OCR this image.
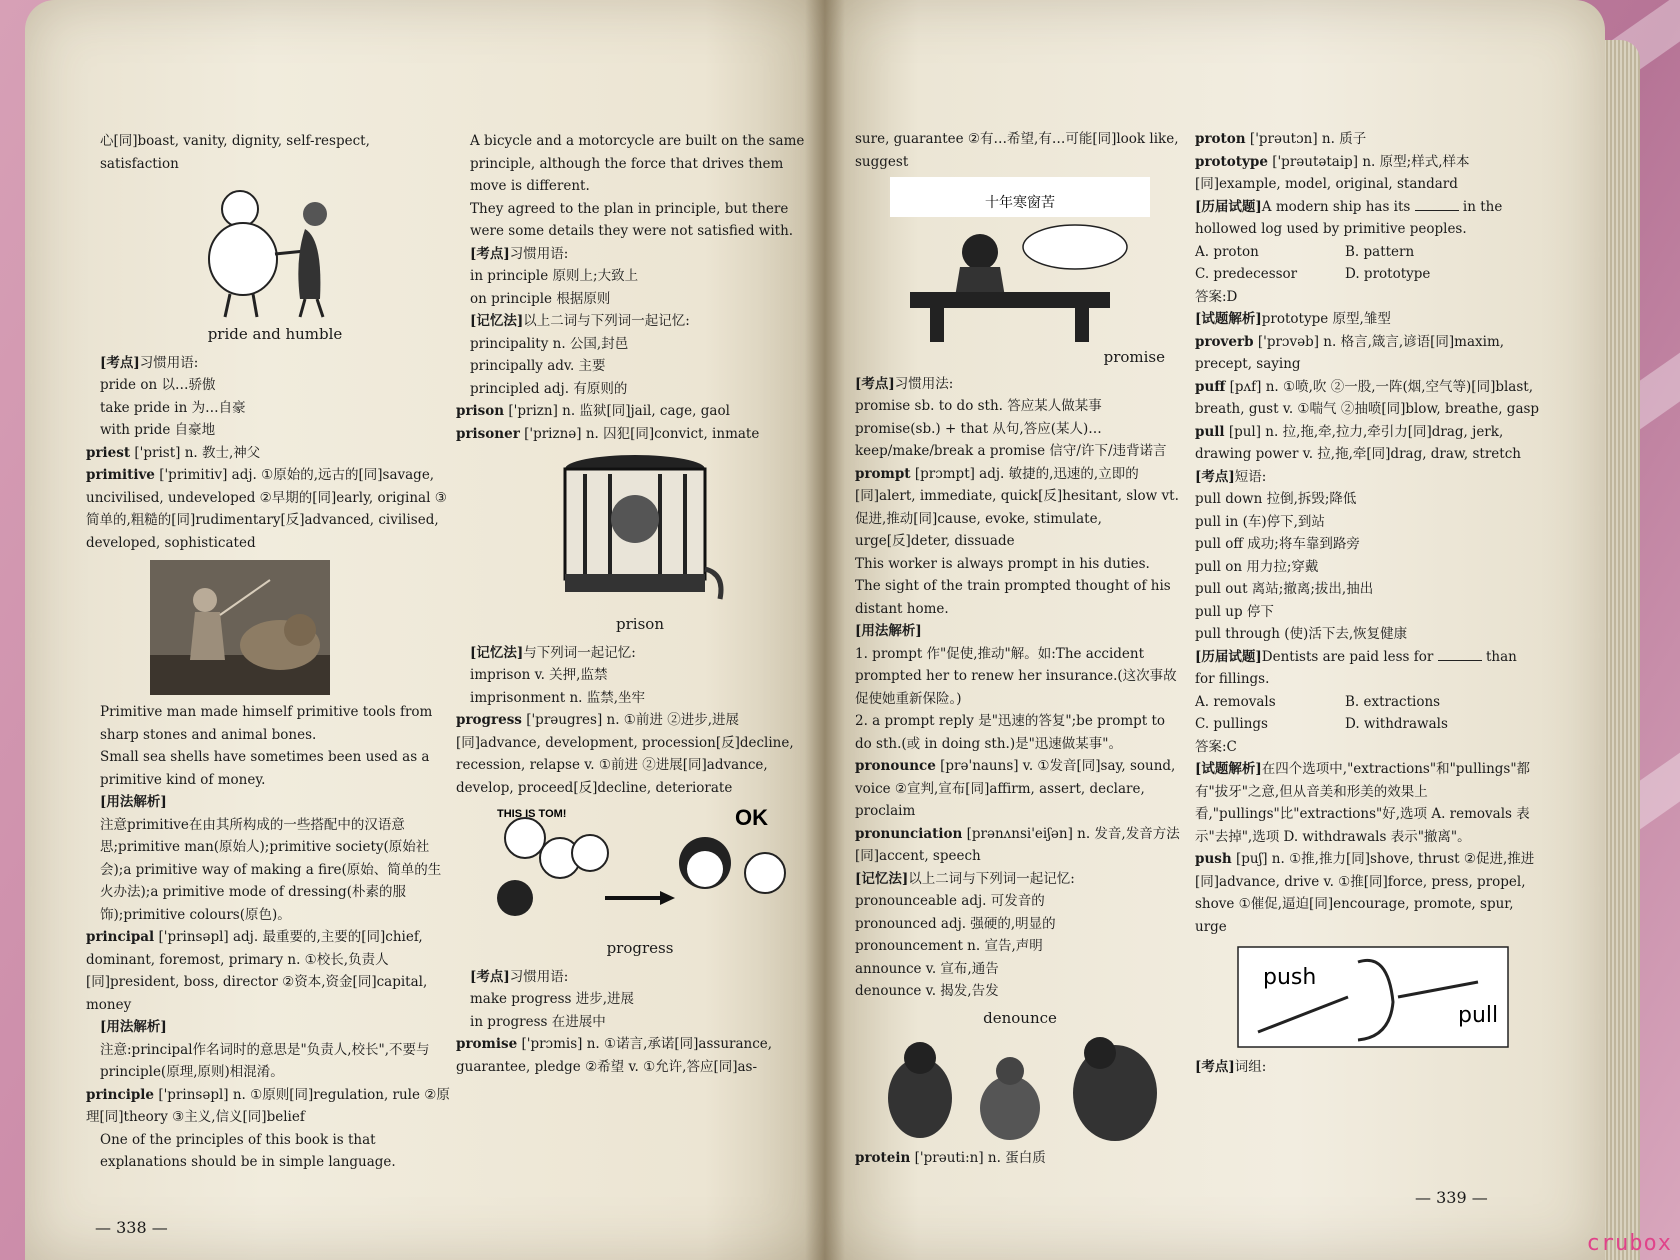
心[同]boast, vanity, dignity, self-respect, satisfaction

pride and humble

[考点]习惯用语:

pride on 以…骄傲

take pride in 为…自豪

with pride 自豪地

priest ['prist] n. 教士,神父

primitive ['primitiv] adj. ①原始的,远古的[同]savage, uncivilised, undeveloped ②早期的[同]early, original ③简单的,粗糙的[同]rudimentary[反]advanced, civilised, developed, sophisticated

Primitive man made himself primitive tools from sharp stones and animal bones.

Small sea shells have sometimes been used as a primitive kind of money.

[用法解析]

注意primitive在由其所构成的一些搭配中的汉语意思;primitive man(原始人);primitive society(原始社会);a primitive way of making a fire(原始、简单的生火办法);a primitive mode of dressing(朴素的服饰);primitive colours(原色)。

principal ['prinsəpl] adj. 最重要的,主要的[同]chief, dominant, foremost, primary n. ①校长,负责人[同]president, boss, director ②资本,资金[同]capital, money

[用法解析]

注意:principal作名词时的意思是"负责人,校长",不要与principle(原理,原则)相混淆。

principle ['prinsəpl] n. ①原则[同]regulation, rule ②原理[同]theory ③主义,信义[同]belief

One of the principles of this book is that explanations should be in simple language.

— 338 —

A bicycle and a motorcycle are built on the same principle, although the force that drives them move is different.

They agreed to the plan in principle, but there were some details they were not satisfied with.

[考点]习惯用语:

in principle 原则上;大致上

on principle 根据原则

[记忆法]以上二词与下列词一起记忆:

principality n. 公国,封邑

principally adv. 主要

principled adj. 有原则的

prison ['prizn] n. 监狱[同]jail, cage, gaol

prisoner ['priznə] n. 囚犯[同]convict, inmate

prison

[记忆法]与下列词一起记忆:

imprison v. 关押,监禁

imprisonment n. 监禁,坐牢

progress ['prəugres] n. ①前进 ②进步,进展[同]advance, development, procession[反]decline, recession, relapse v. ①前进 ②进展[同]advance, develop, proceed[反]decline, deteriorate

THIS IS TOM!	OK

progress

[考点]习惯用语:

make progress 进步,进展

in progress 在进展中

promise ['prɔmis] n. ①诺言,承诺[同]assurance, guarantee, pledge ②希望 v. ①允许,答应[同]as-

sure, guarantee ②有…希望,有…可能[同]look like, suggest

十年寒窗苦

promise

[考点]习惯用法:

promise sb. to do sth. 答应某人做某事

promise(sb.) + that 从句,答应(某人)…

keep/make/break a promise 信守/许下/违背诺言

prompt [prɔmpt] adj. 敏捷的,迅速的,立即的[同]alert, immediate, quick[反]hesitant, slow vt. 促进,推动[同]cause, evoke, stimulate, urge[反]deter, dissuade

This worker is always prompt in his duties.

The sight of the train prompted thought of his distant home.

[用法解析]

1. prompt 作"促使,推动"解。如:The accident prompted her to renew her insurance.(这次事故促使她重新保险。)

2. a prompt reply 是"迅速的答复";be prompt to do sth.(或 in doing sth.)是"迅速做某事"。

pronounce [prə'nauns] v. ①发音[同]say, sound, voice ②宣判,宣布[同]affirm, assert, declare, proclaim

pronunciation [prənʌnsi'eiʃən] n. 发音,发音方法[同]accent, speech

[记忆法]以上二词与下列词一起记忆:

pronounceable adj. 可发音的

pronounced adj. 强硬的,明显的

pronouncement n. 宣告,声明

announce v. 宣布,通告

denounce v. 揭发,告发

denounce

protein ['prəuti:n] n. 蛋白质

proton ['prəutɔn] n. 质子

prototype ['prəutətaip] n. 原型;样式,样本[同]example, model, original, standard

[历届试题]A modern ship has its	in the hollowed log used by primitive peoples.

A. proton	B. pattern

C. predecessor	D. prototype

答案:D

[试题解析]prototype 原型,雏型

proverb ['prɔvəb] n. 格言,箴言,谚语[同]maxim, precept, saying

puff [pʌf] n. ①喷,吹 ②一股,一阵(烟,空气等)[同]blast, breath, gust v. ①喘气 ②抽喷[同]blow, breathe, gasp

pull [pul] n. 拉,拖,牵,拉力,牵引力[同]drag, jerk, drawing power v. 拉,拖,牵[同]drag, draw, stretch

[考点]短语:

pull down 拉倒,拆毁;降低

pull in (车)停下,到站

pull off 成功;将车靠到路旁

pull on 用力拉;穿戴

pull out 离站;撤离;拔出,抽出

pull up 停下

pull through (使)活下去,恢复健康

[历届试题]Dentists are paid less for	than for fillings.

A. removals	B. extractions

C. pullings	D. withdrawals

答案:C

[试题解析]在四个选项中,"extractions"和"pullings"都有"拔牙"之意,但从音美和形美的效果上看,"pullings"比"extractions"好,选项 A. removals 表示"去掉",选项 D. withdrawals 表示"撤离"。

push [puʃ] n. ①推,推力[同]shove, thrust ②促进,推进[同]advance, drive v. ①推[同]force, press, propel, shove ①催促,逼迫[同]encourage, promote, spur, urge

push
pull

[考点]词组:

— 339 —
crubox
